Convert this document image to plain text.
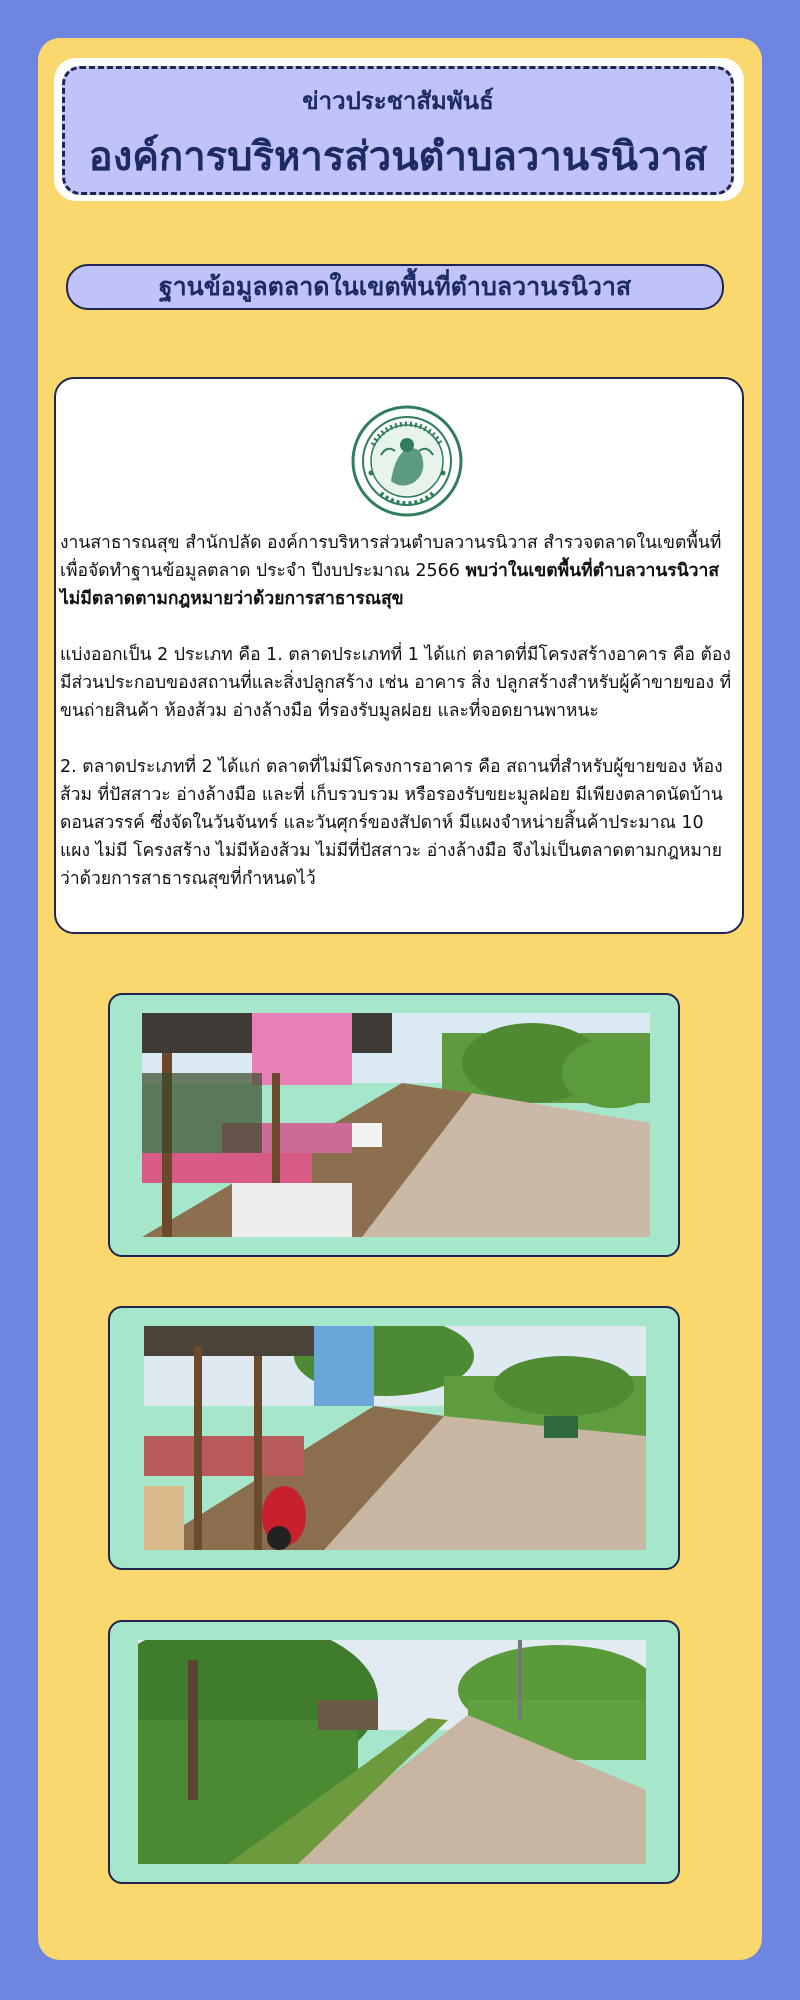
ข่าวประชาสัมพันธ์
องค์การบริหารส่วนตำบลวานรนิวาส
ฐานข้อมูลตลาดในเขตพื้นที่ตำบลวานรนิวาส

งานสาธารณสุข สำนักปลัด องค์การบริหารส่วนตำบลวานรนิวาส สำรวจตลาดในเขตพื้นที่ เพื่อจัดทำฐานข้อมูลตลาด ประจำ ปีงบประมาณ 2566 พบว่าในเขตพื้นที่ตำบลวานรนิวาส ไม่มีตลาดตามกฎหมายว่าด้วยการสาธารณสุข

แบ่งออกเป็น 2 ประเภท คือ 1. ตลาดประเภทที่ 1 ได้แก่ ตลาดที่มีโครงสร้างอาคาร คือ ต้องมีส่วนประกอบของสถานที่และสิ่งปลูกสร้าง เช่น อาคาร สิ่ง ปลูกสร้างสำหรับผู้ค้าขายของ ที่ขนถ่ายสินค้า ห้องส้วม อ่างล้างมือ ที่รองรับมูลฝอย และที่จอดยานพาหนะ

2. ตลาดประเภทที่ 2 ได้แก่ ตลาดที่ไม่มีโครงการอาคาร คือ สถานที่สำหรับผู้ขายของ ห้องส้วม ที่ปัสสาวะ อ่างล้างมือ และที่ เก็บรวบรวม หรือรองรับขยะมูลฝอย มีเพียงตลาดนัดบ้านดอนสวรรค์ ซึ่งจัดในวันจันทร์ และวันศุกร์ของสัปดาห์ มีแผงจำหน่ายสิ้นค้าประมาณ 10 แผง ไม่มี โครงสร้าง ไม่มีห้องส้วม ไม่มีที่ปัสสาวะ อ่างล้างมือ จึงไม่เป็นตลาดตามกฎหมายว่าด้วยการสาธารณสุขที่กำหนดไว้
